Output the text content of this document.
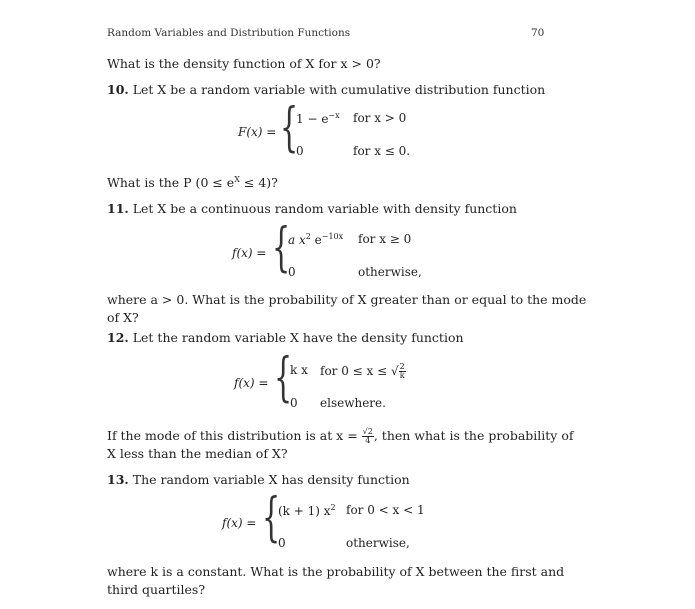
Random Variables and Distribution Functions	70
What is the density function of X for x > 0?
10. Let X be a random variable with cumulative distribution function
F(x) = {
$1 - e^{-x}$ for x > 0
0	for x ≤ 0.
What is the P $(0 \le e^X \le 4)$?
11. Let X be a continuous random variable with density function
f(x) = {
a $x^2$ $e^{-10x}$ for x ≥ 0
0	otherwise,
where a > 0. What is the probability of X greater than or equal to the mode
of X?
12. Let the random variable X have the density function
f(x) = {
k x for 0 ≤ x ≤ √ $\frac{2}{k}$
0 elsewhere.
If the mode of this distribution is at $x = \frac{√2}{4}$ , then what is the probability of
X less than the median of X?
13. The random variable X has density function
f(x) = {
(k + 1) $x^2$ for 0 < x < 1
0	otherwise,
where k is a constant. What is the probability of X between the first and
third quartiles?
